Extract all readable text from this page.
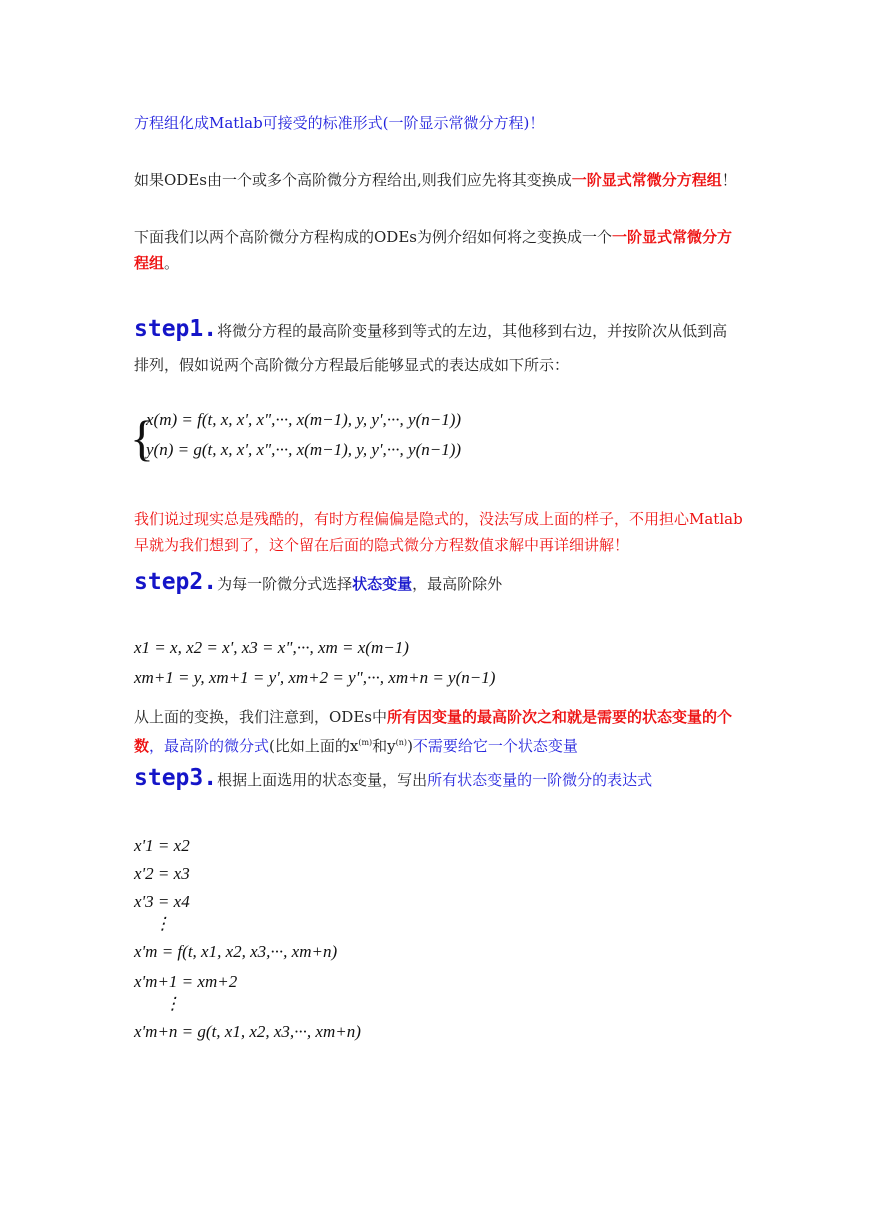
方程组化成Matlab可接受的标准形式(一阶显示常微分方程)！
如果ODEs由一个或多个高阶微分方程给出,则我们应先将其变换成一阶显式常微分方程组！
下面我们以两个高阶微分方程构成的ODEs为例介绍如何将之变换成一个一阶显式常微分方
程组。
step1.将微分方程的最高阶变量移到等式的左边，其他移到右边，并按阶次从低到高
排列，假如说两个高阶微分方程最后能够显式的表达成如下所示：
{
x(m) = f(t, x, x', x",···, x(m−1), y, y',···, y(n−1))
y(n) = g(t, x, x', x",···, x(m−1), y, y',···, y(n−1))
我们说过现实总是残酷的，有时方程偏偏是隐式的，没法写成上面的样子，不用担心Matlab
早就为我们想到了，这个留在后面的隐式微分方程数值求解中再详细讲解！
step2.为每一阶微分式选择状态变量，最高阶除外
x1 = x, x2 = x', x3 = x",···, xm = x(m−1)
xm+1 = y, xm+1 = y', xm+2 = y",···, xm+n = y(n−1)
从上面的变换，我们注意到，ODEs中所有因变量的最高阶次之和就是需要的状态变量的个
数，最高阶的微分式(比如上面的$x^{(m)}$和$y^{(n)}$)不需要给它一个状态变量
step3.根据上面选用的状态变量，写出所有状态变量的一阶微分的表达式
x'1 = x2
x'2 = x3
x'3 = x4
⋮
x'm = f(t, x1, x2, x3,···, xm+n)
x'm+1 = xm+2
⋮
x'm+n = g(t, x1, x2, x3,···, xm+n)
